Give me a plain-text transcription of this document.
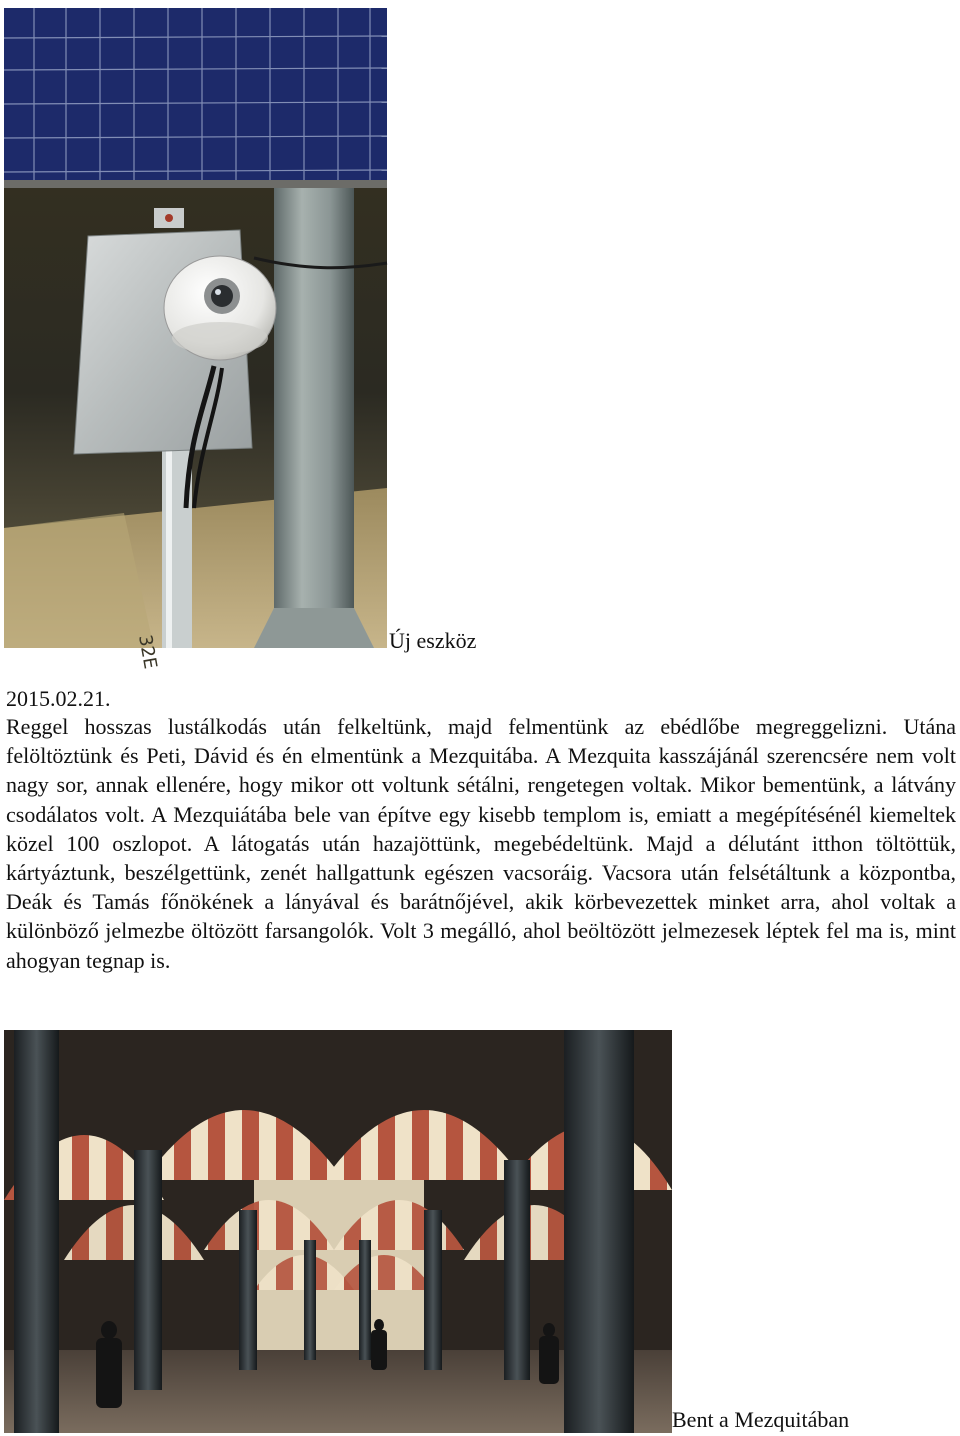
32E	Új eszköz
2015.02.21.
Reggel hosszas lustálkodás után felkeltünk, majd felmentünk az ebédlőbe megreggelizni. Utána felöltöztünk és Peti, Dávid és én elmentünk a Mezquitába. A Mezquita kasszájánál szerencsére nem volt nagy sor, annak ellenére, hogy mikor ott voltunk sétálni, rengetegen voltak. Mikor bementünk, a látvány csodálatos volt. A Mezquiátába bele van építve egy kisebb templom is, emiatt a megépítésénél kiemeltek közel 100 oszlopot. A látogatás után hazajöttünk, megebédeltünk. Majd a délutánt itthon töltöttük, kártyáztunk, beszélgettünk, zenét hallgattunk egészen vacsoráig. Vacsora után felsétáltunk a központba, Deák és Tamás főnökének a lányával és barátnőjével, akik körbevezettek minket arra, ahol voltak a különböző jelmezbe öltözött farsangolók. Volt 3 megálló, ahol beöltözött jelmezesek léptek fel ma is, mint ahogyan tegnap is.
Bent a Mezquitában
